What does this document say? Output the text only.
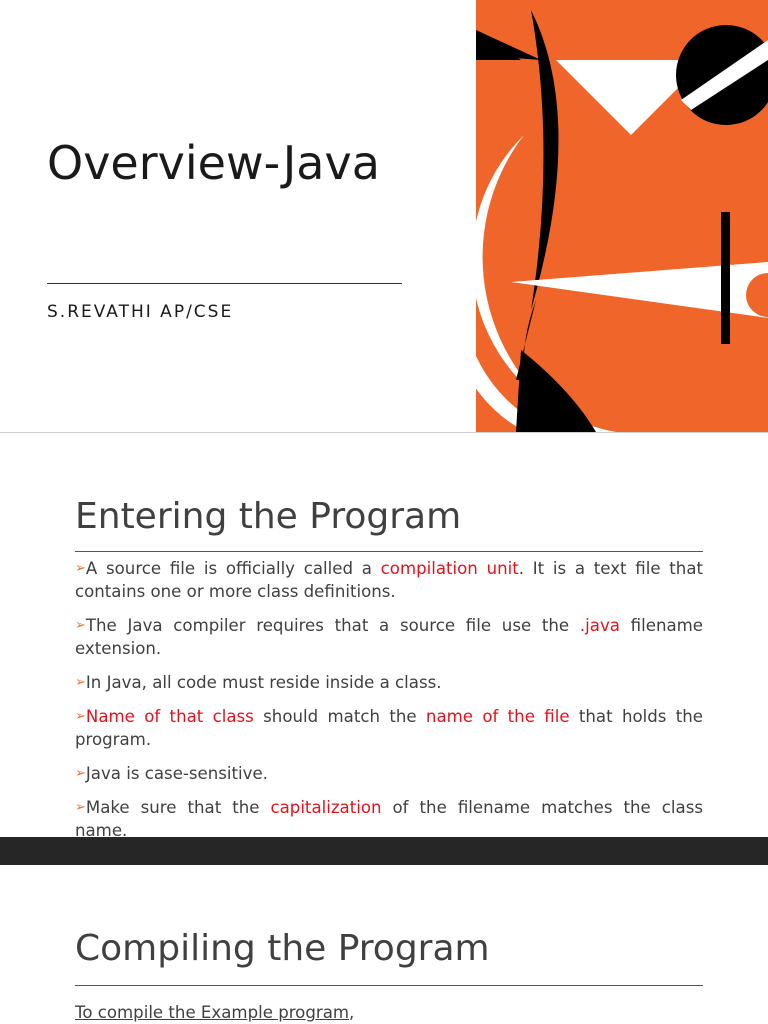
Overview-Java

S.REVATHI AP/CSE

Entering the Program
➢A source file is officially called a compilation unit. It is a text file that contains one or more class definitions.
➢The Java compiler requires that a source file use the .java filename extension.
➢In Java, all code must reside inside a class.
➢Name of that class should match the name of the file that holds the program.
➢Java is case-sensitive.
➢Make sure that the capitalization of the filename matches the class name.
Compiling the Program

To compile the Example program,
